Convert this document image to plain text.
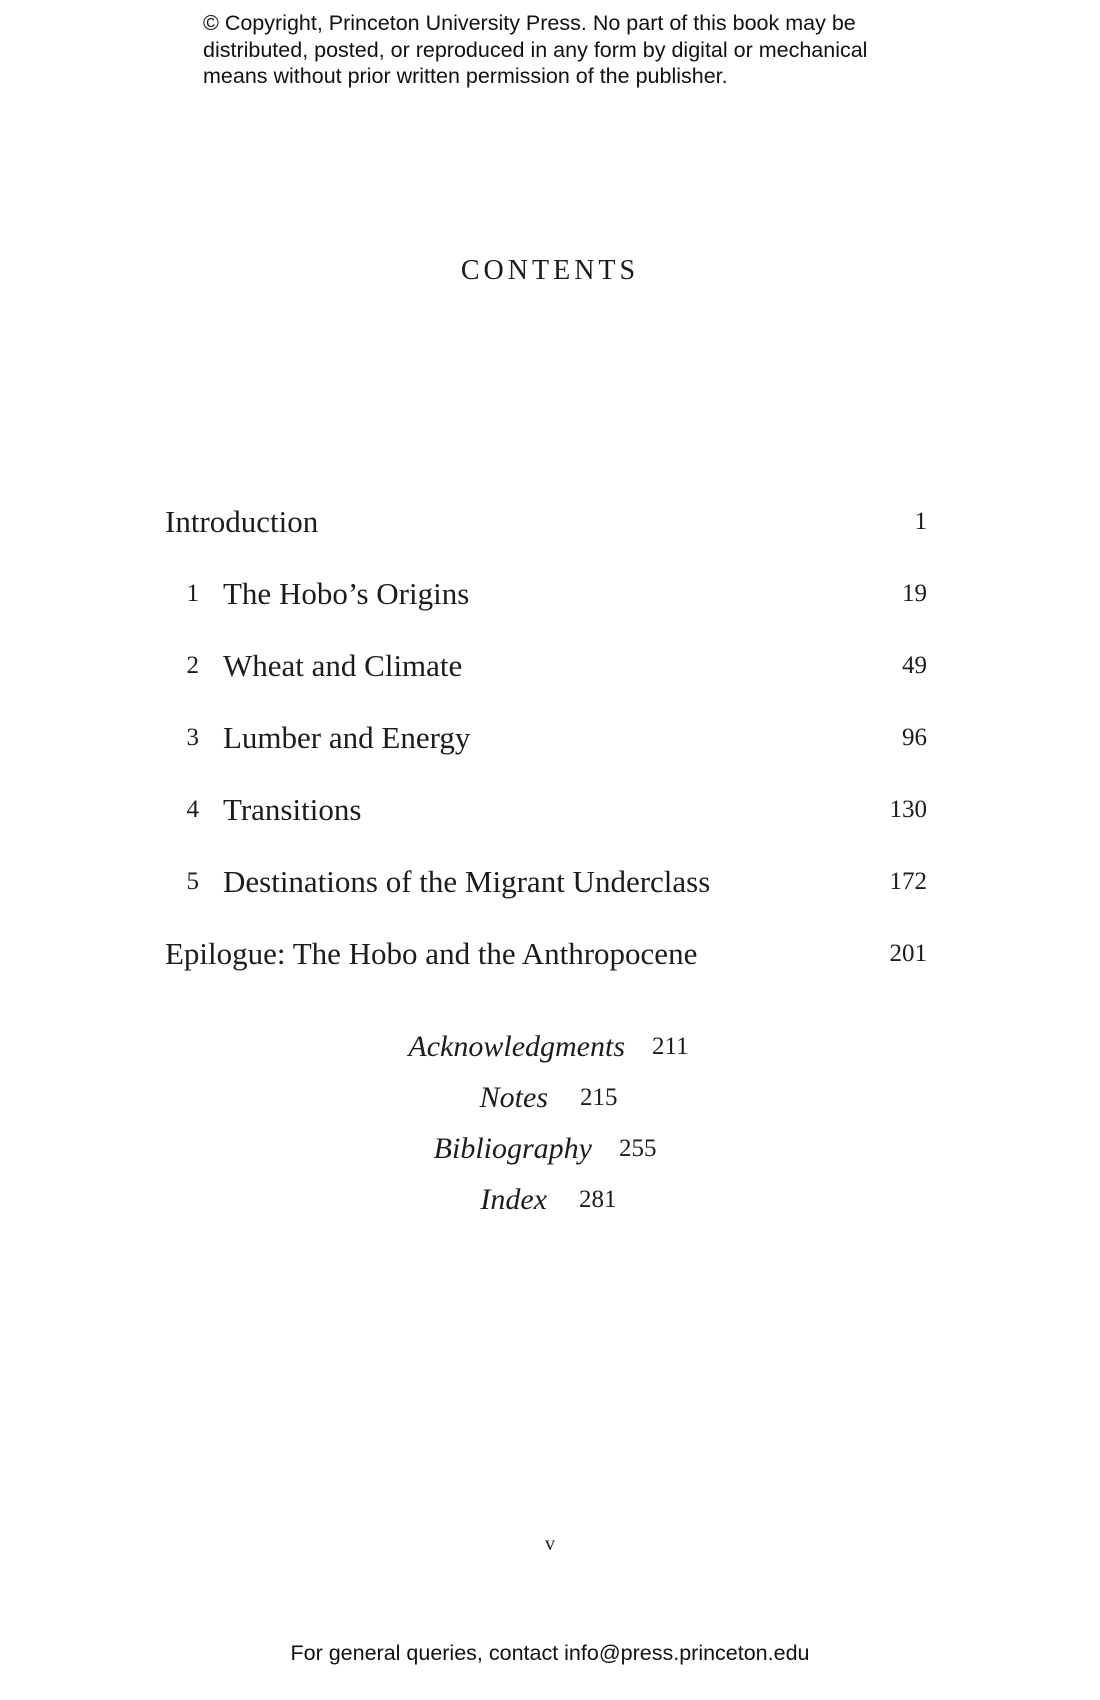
© Copyright, Princeton University Press. No part of this book may be
distributed, posted, or reproduced in any form by digital or mechanical
means without prior written permission of the publisher.
CONTENTS
Introduction	1
1 The Hobo’s Origins	19
2 Wheat and Climate	49
3 Lumber and Energy	96
4 Transitions	130
5 Destinations of the Migrant Underclass	172
Epilogue: The Hobo and the Anthropocene	201
Acknowledgments 211
Notes 215
Bibliography 255
Index 281
v
For general queries, contact info@press.princeton.edu
